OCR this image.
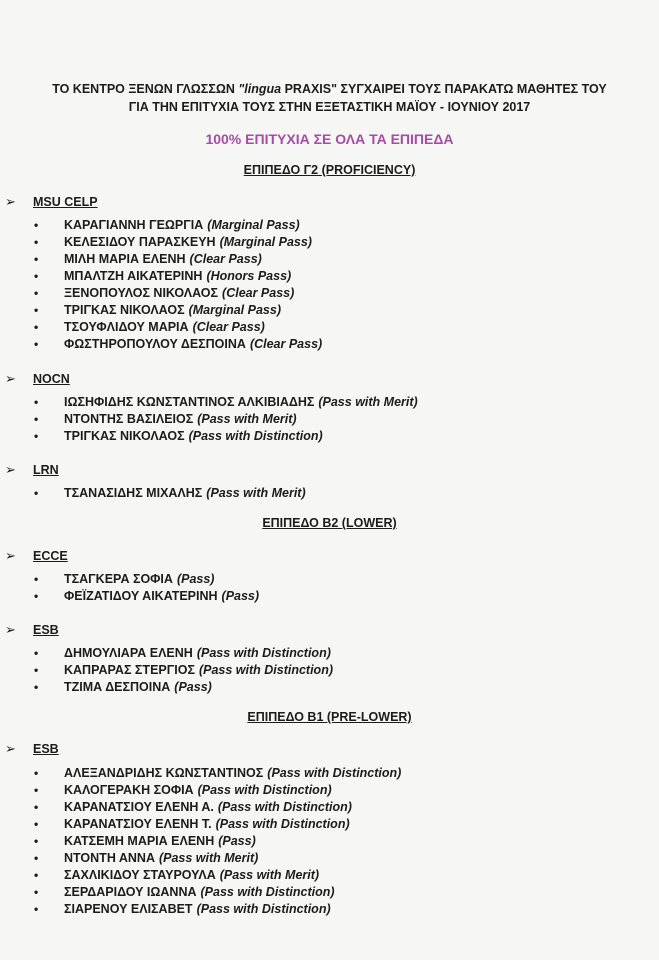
ΤΟ ΚΕΝΤΡΟ ΞΕΝΩΝ ΓΛΩΣΣΩΝ "lingua PRAXIS" ΣΥΓΧΑΙΡΕΙ ΤΟΥΣ ΠΑΡΑΚΑΤΩ ΜΑΘΗΤΕΣ ΤΟΥ
ΓΙΑ ΤΗΝ ΕΠΙΤΥΧΙΑ ΤΟΥΣ ΣΤΗΝ ΕΞΕΤΑΣΤΙΚΗ ΜΑΪΟΥ - ΙΟΥΝΙΟΥ 2017
100% ΕΠΙΤΥΧΙΑ ΣΕ ΟΛΑ ΤΑ ΕΠΙΠΕΔΑ
ΕΠΙΠΕΔΟ Γ2 (PROFICIENCY)
➢	MSU CELP
•	ΚΑΡΑΓΙΑΝΝΗ ΓΕΩΡΓΙΑ (Marginal Pass)
•	ΚΕΛΕΣΙΔΟΥ ΠΑΡΑΣΚΕΥΗ (Marginal Pass)
•	ΜΙΛΗ ΜΑΡΙΑ ΕΛΕΝΗ (Clear Pass)
•	ΜΠΑΛΤΖΗ ΑΙΚΑΤΕΡΙΝΗ (Honors Pass)
•	ΞΕΝΟΠΟΥΛΟΣ ΝΙΚΟΛΑΟΣ (Clear Pass)
•	ΤΡΙΓΚΑΣ ΝΙΚΟΛΑΟΣ (Marginal Pass)
•	ΤΣΟΥΦΛΙΔΟΥ ΜΑΡΙΑ (Clear Pass)
•	ΦΩΣΤΗΡΟΠΟΥΛΟΥ ΔΕΣΠΟΙΝΑ (Clear Pass)
➢	NOCN
•	ΙΩΣΗΦΙΔΗΣ ΚΩΝΣΤΑΝΤΙΝΟΣ ΑΛΚΙΒΙΑΔΗΣ (Pass with Merit)
•	ΝΤΟΝΤΗΣ ΒΑΣΙΛΕΙΟΣ (Pass with Merit)
•	ΤΡΙΓΚΑΣ ΝΙΚΟΛΑΟΣ (Pass with Distinction)
➢	LRN
•	ΤΣΑΝΑΣΙΔΗΣ ΜΙΧΑΛΗΣ (Pass with Merit)
ΕΠΙΠΕΔΟ Β2 (LOWER)
➢	ECCE
•	ΤΣΑΓΚΕΡΑ ΣΟΦΙΑ (Pass)
•	ΦΕΪΖΑΤΙΔΟΥ ΑΙΚΑΤΕΡΙΝΗ (Pass)
➢	ESB
•	ΔΗΜΟΥΛΙΑΡΑ ΕΛΕΝΗ (Pass with Distinction)
•	ΚΑΠΡΑΡΑΣ ΣΤΕΡΓΙΟΣ (Pass with Distinction)
•	ΤΖΙΜΑ ΔΕΣΠΟΙΝΑ (Pass)
ΕΠΙΠΕΔΟ Β1 (PRE-LOWER)
➢	ESB
•	ΑΛΕΞΑΝΔΡΙΔΗΣ ΚΩΝΣΤΑΝΤΙΝΟΣ (Pass with Distinction)
•	ΚΑΛΟΓΕΡΑΚΗ ΣΟΦΙΑ (Pass with Distinction)
•	ΚΑΡΑΝΑΤΣΙΟΥ ΕΛΕΝΗ Α. (Pass with Distinction)
•	ΚΑΡΑΝΑΤΣΙΟΥ ΕΛΕΝΗ Τ. (Pass with Distinction)
•	ΚΑΤΣΕΜΗ ΜΑΡΙΑ ΕΛΕΝΗ (Pass)
•	ΝΤΟΝΤΗ ΑΝΝΑ (Pass with Merit)
•	ΣΑΧΛΙΚΙΔΟΥ ΣΤΑΥΡΟΥΛΑ (Pass with Merit)
•	ΣΕΡΔΑΡΙΔΟΥ ΙΩΑΝΝΑ (Pass with Distinction)
•	ΣΙΑΡΕΝΟΥ ΕΛΙΣΑΒΕΤ (Pass with Distinction)
